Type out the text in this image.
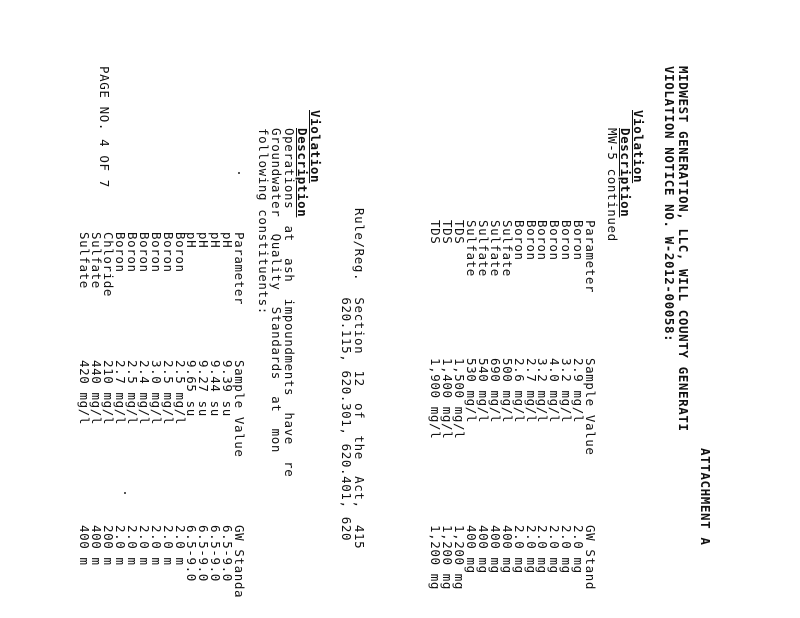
PAGE NO. 4 OF 7
ATTACHMENT A
MIDWEST GENERATION, LLC, WILL COUNTY GENERATI
VIOLATION NOTICE NO. W-2012-00058:
Violation
Description
MW-5 continued
Parameter
Boron
Boron
Boron
Boron
Boron
Boron
Sulfate
Sulfate
Sulfate
Sulfate
TDS
TDS
TDS
Sample Value
2.9 mg/l
3.2 mg/l
4.0 mg/l
3.2 mg/l
2.7 mg/l
2.6 mg/l
500 mg/l
690 mg/l
540 mg/l
530 mg/l
1,500 mg/l
1,400 mg/l
1,900 mg/l
GW Stand
2.0 mg
2.0 mg
2.0 mg
2.0 mg
2.0 mg
2.0 mg
400 mg
400 mg
400 mg
400 mg
1,200 mg
1,200 mg
1,200 mg
Rule/Reg.  Section  12  of  the  Act,  415
620.115, 620.301, 620.401, 620
Violation
Description
Operations  at  ash  impoundments  have  re
Groundwater  Quality  Standards  at  mon
following constituents:
Parameter
pH
pH
pH
pH
Boron
Boron
Boron
Boron
Boron
Boron
Chloride
Sulfate
Sulfate
Sample Value
9.39 su
9.44 su
9.27 su
9.65 su
2.5 mg/l
2.5 mg/l
3.0 mg/l
2.4 mg/l
2.5 mg/l
2.7 mg/l
210 mg/l
440 mg/l
420 mg/l
GW Standa
6.5-9.0
6.5-9.0
6.5-9.0
6.5-9.0
2.0 m
2.0 m
2.0 m
2.0 m
2.0 m
2.0 m
200 m
400 m
400 m
